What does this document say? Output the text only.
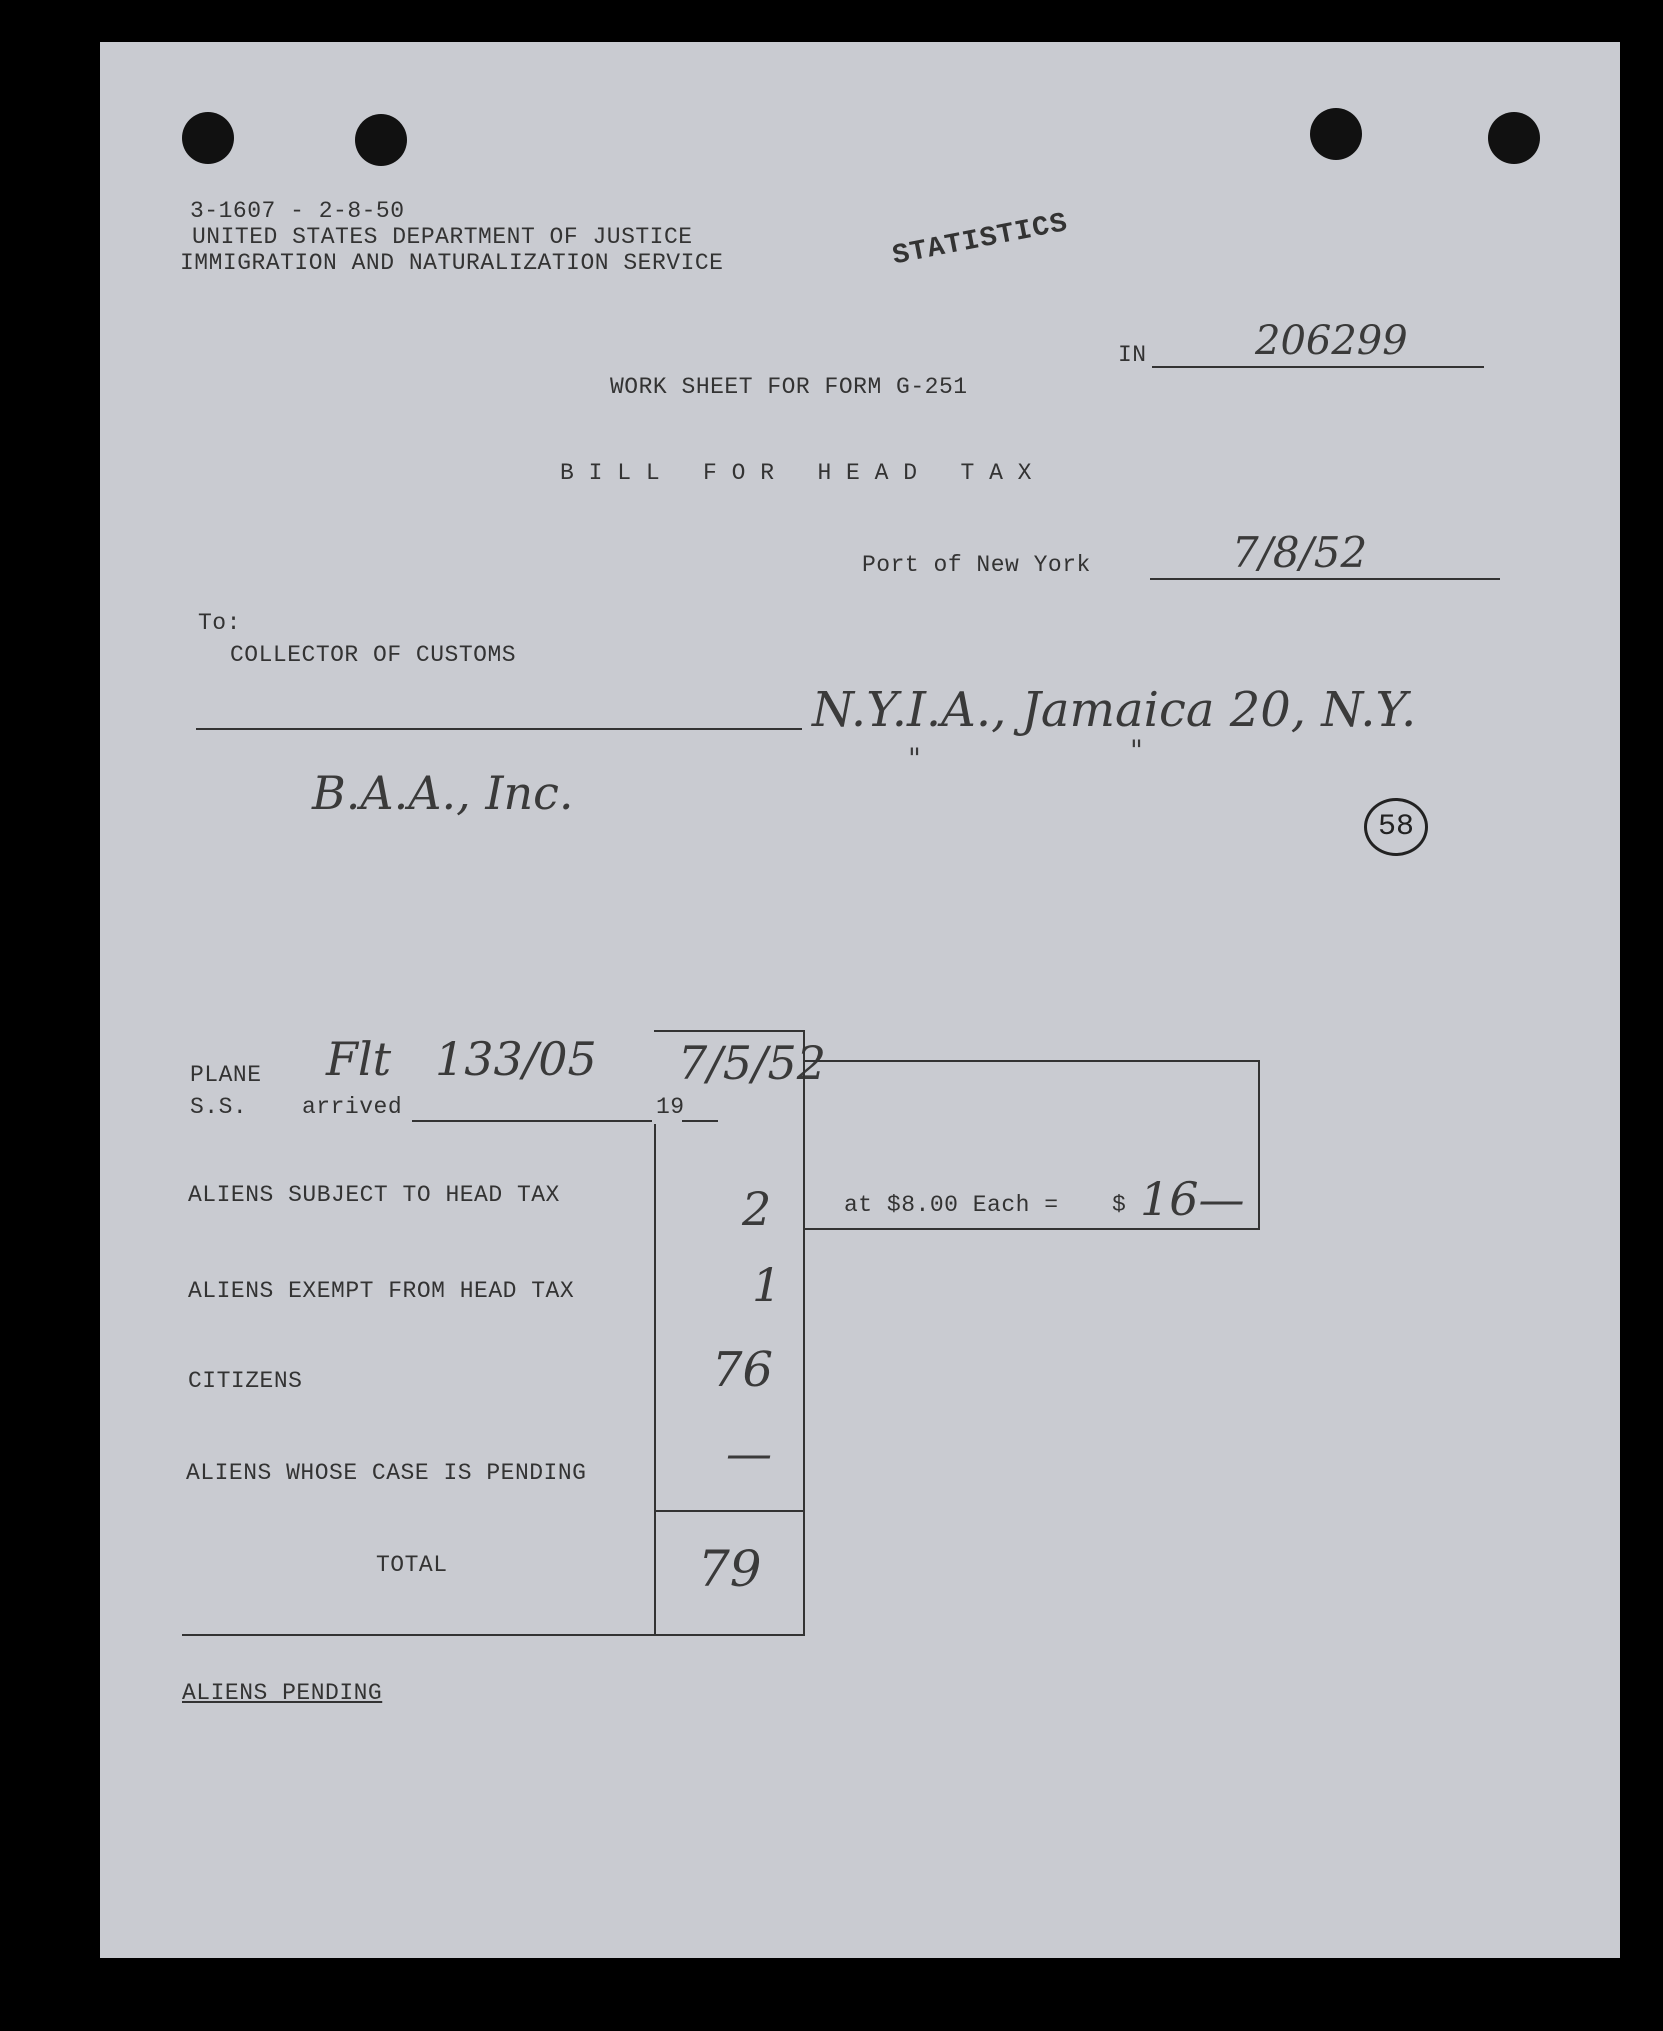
3-1607 - 2-8-50
UNITED STATES DEPARTMENT OF JUSTICE
IMMIGRATION AND NATURALIZATION SERVICE	STATISTICS
IN	206299
WORK SHEET FOR FORM G-251
B I L L   F O R   H E A D   T A X
Port of New York	7/8/52
To:
COLLECTOR OF CUSTOMS
N.Y.I.A., Jamaica 20, N.Y.
"	"
B.A.A., Inc.
58
PLANE
S.S. arrived	19
Flt   133/05 7/5/52
at $8.00 Each = $ 16—
ALIENS SUBJECT TO HEAD TAX	2
ALIENS EXEMPT FROM HEAD TAX	1
CITIZENS	76
ALIENS WHOSE CASE IS PENDING	—
TOTAL	79
ALIENS PENDING
